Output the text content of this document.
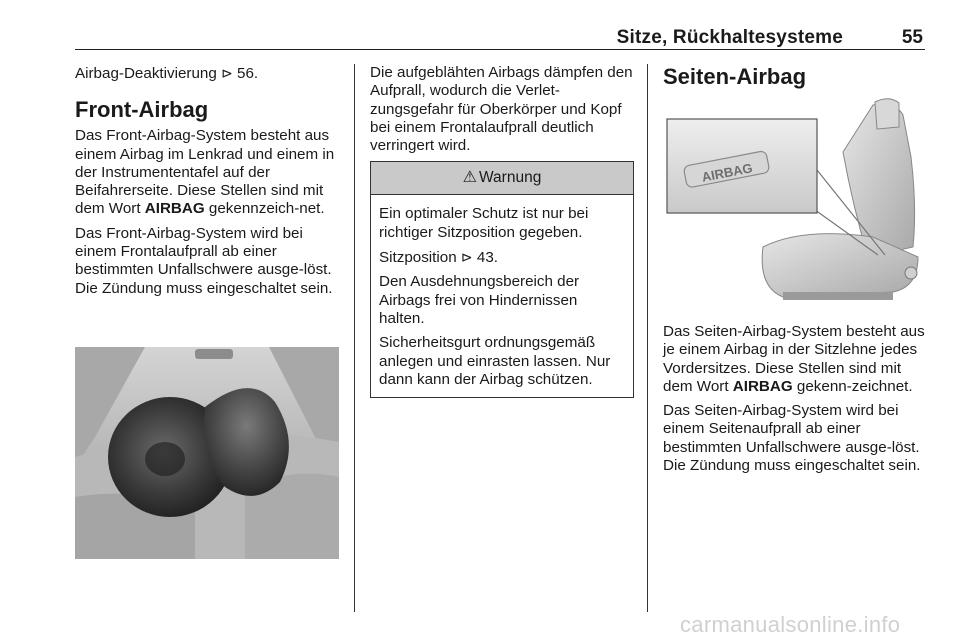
Sitze, Rückhaltesysteme	55

Airbag-Deaktivierung ⊳ 56.

Front-Airbag

Das Front-Airbag-System besteht aus einem Airbag im Lenkrad und einem in der Instrumententafel auf der Beifahrerseite. Diese Stellen sind mit dem Wort AIRBAG gekennzeich-net.

Das Front-Airbag-System wird bei einem Frontalaufprall ab einer bestimmten Unfallschwere ausge-löst. Die Zündung muss eingeschaltet sein.

Die aufgeblähten Airbags dämpfen den Aufprall, wodurch die Verlet-zungsgefahr für Oberkörper und Kopf bei einem Frontalaufprall deutlich verringert wird.

⚠ Warnung

Ein optimaler Schutz ist nur bei richtiger Sitzposition gegeben.

Sitzposition ⊳ 43.

Den Ausdehnungsbereich der Airbags frei von Hindernissen halten.

Sicherheitsgurt ordnungsgemäß anlegen und einrasten lassen. Nur dann kann der Airbag schützen.

Seiten-Airbag
AIRBAG

Das Seiten-Airbag-System besteht aus je einem Airbag in der Sitzlehne jedes Vordersitzes. Diese Stellen sind mit dem Wort AIRBAG gekenn-zeichnet.

Das Seiten-Airbag-System wird bei einem Seitenaufprall ab einer bestimmten Unfallschwere ausge-löst. Die Zündung muss eingeschaltet sein.

carmanualsonline.info
